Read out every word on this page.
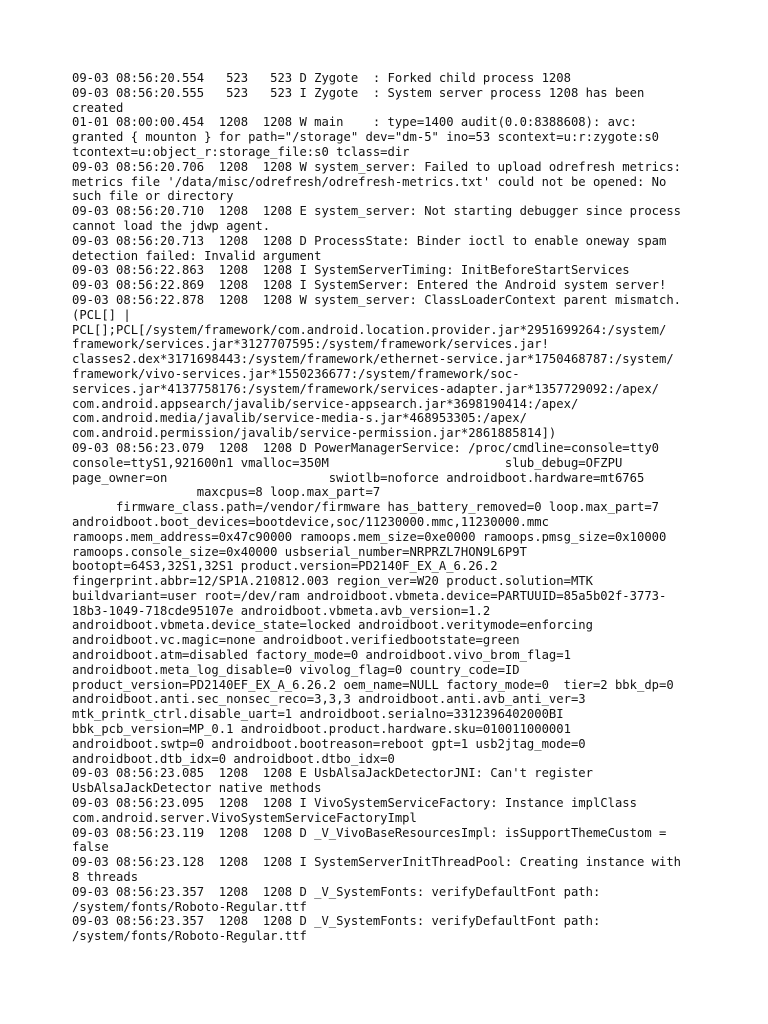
09-03 08:56:20.554   523   523 D Zygote  : Forked child process 1208
09-03 08:56:20.555   523   523 I Zygote  : System server process 1208 has been
created
01-01 08:00:00.454  1208  1208 W main    : type=1400 audit(0.0:8388608): avc:
granted { mounton } for path="/storage" dev="dm-5" ino=53 scontext=u:r:zygote:s0
tcontext=u:object_r:storage_file:s0 tclass=dir
09-03 08:56:20.706  1208  1208 W system_server: Failed to upload odrefresh metrics:
metrics file '/data/misc/odrefresh/odrefresh-metrics.txt' could not be opened: No
such file or directory
09-03 08:56:20.710  1208  1208 E system_server: Not starting debugger since process
cannot load the jdwp agent.
09-03 08:56:20.713  1208  1208 D ProcessState: Binder ioctl to enable oneway spam
detection failed: Invalid argument
09-03 08:56:22.863  1208  1208 I SystemServerTiming: InitBeforeStartServices
09-03 08:56:22.869  1208  1208 I SystemServer: Entered the Android system server!
09-03 08:56:22.878  1208  1208 W system_server: ClassLoaderContext parent mismatch.
(PCL[] |
PCL[];PCL[/system/framework/com.android.location.provider.jar*2951699264:/system/
framework/services.jar*3127707595:/system/framework/services.jar!
classes2.dex*3171698443:/system/framework/ethernet-service.jar*1750468787:/system/
framework/vivo-services.jar*1550236677:/system/framework/soc-
services.jar*4137758176:/system/framework/services-adapter.jar*1357729092:/apex/
com.android.appsearch/javalib/service-appsearch.jar*3698190414:/apex/
com.android.media/javalib/service-media-s.jar*468953305:/apex/
com.android.permission/javalib/service-permission.jar*2861885814])
09-03 08:56:23.079  1208  1208 D PowerManagerService: /proc/cmdline=console=tty0
console=ttyS1,921600n1 vmalloc=350M                        slub_debug=OFZPU
page_owner=on                      swiotlb=noforce androidboot.hardware=mt6765
maxcpus=8 loop.max_part=7
firmware_class.path=/vendor/firmware has_battery_removed=0 loop.max_part=7
androidboot.boot_devices=bootdevice,soc/11230000.mmc,11230000.mmc
ramoops.mem_address=0x47c90000 ramoops.mem_size=0xe0000 ramoops.pmsg_size=0x10000
ramoops.console_size=0x40000 usbserial_number=NRPRZL7HON9L6P9T
bootopt=64S3,32S1,32S1 product.version=PD2140F_EX_A_6.26.2
fingerprint.abbr=12/SP1A.210812.003 region_ver=W20 product.solution=MTK
buildvariant=user root=/dev/ram androidboot.vbmeta.device=PARTUUID=85a5b02f-3773-
18b3-1049-718cde95107e androidboot.vbmeta.avb_version=1.2
androidboot.vbmeta.device_state=locked androidboot.veritymode=enforcing
androidboot.vc.magic=none androidboot.verifiedbootstate=green
androidboot.atm=disabled factory_mode=0 androidboot.vivo_brom_flag=1
androidboot.meta_log_disable=0 vivolog_flag=0 country_code=ID
product_version=PD2140EF_EX_A_6.26.2 oem_name=NULL factory_mode=0  tier=2 bbk_dp=0
androidboot.anti.sec_nonsec_reco=3,3,3 androidboot.anti.avb_anti_ver=3
mtk_printk_ctrl.disable_uart=1 androidboot.serialno=3312396402000BI
bbk_pcb_version=MP_0.1 androidboot.product.hardware.sku=010011000001
androidboot.swtp=0 androidboot.bootreason=reboot gpt=1 usb2jtag_mode=0
androidboot.dtb_idx=0 androidboot.dtbo_idx=0
09-03 08:56:23.085  1208  1208 E UsbAlsaJackDetectorJNI: Can't register
UsbAlsaJackDetector native methods
09-03 08:56:23.095  1208  1208 I VivoSystemServiceFactory: Instance implClass
com.android.server.VivoSystemServiceFactoryImpl
09-03 08:56:23.119  1208  1208 D _V_VivoBaseResourcesImpl: isSupportThemeCustom =
false
09-03 08:56:23.128  1208  1208 I SystemServerInitThreadPool: Creating instance with
8 threads
09-03 08:56:23.357  1208  1208 D _V_SystemFonts: verifyDefaultFont path:
/system/fonts/Roboto-Regular.ttf
09-03 08:56:23.357  1208  1208 D _V_SystemFonts: verifyDefaultFont path:
/system/fonts/Roboto-Regular.ttf
